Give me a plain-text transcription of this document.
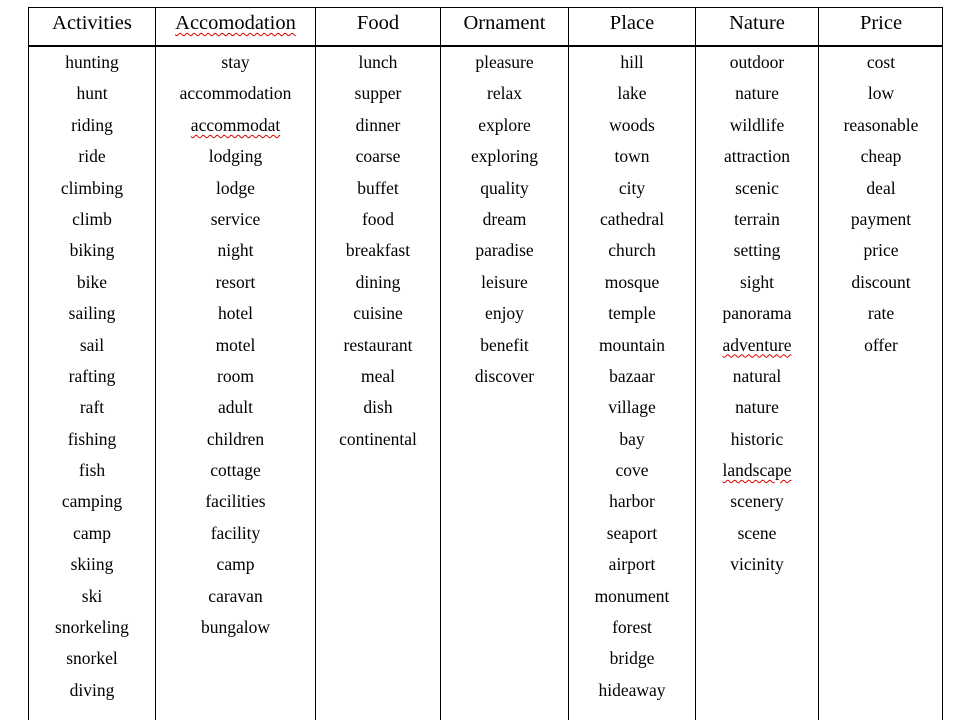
Activities
hunting
hunt
riding
ride
climbing
climb
biking
bike
sailing
sail
rafting
raft
fishing
fish
camping
camp
skiing
ski
snorkeling
snorkel
diving
Accomodation
stay
accommodation
accommodat
lodging
lodge
service
night
resort
hotel
motel
room
adult
children
cottage
facilities
facility
camp
caravan
bungalow
Food
lunch
supper
dinner
coarse
buffet
food
breakfast
dining
cuisine
restaurant
meal
dish
continental
Ornament
pleasure
relax
explore
exploring
quality
dream
paradise
leisure
enjoy
benefit
discover
Place
hill
lake
woods
town
city
cathedral
church
mosque
temple
mountain
bazaar
village
bay
cove
harbor
seaport
airport
monument
forest
bridge
hideaway
Nature
outdoor
nature
wildlife
attraction
scenic
terrain
setting
sight
panorama
adventure
natural
nature
historic
landscape
scenery
scene
vicinity
Price
cost
low
reasonable
cheap
deal
payment
price
discount
rate
offer
